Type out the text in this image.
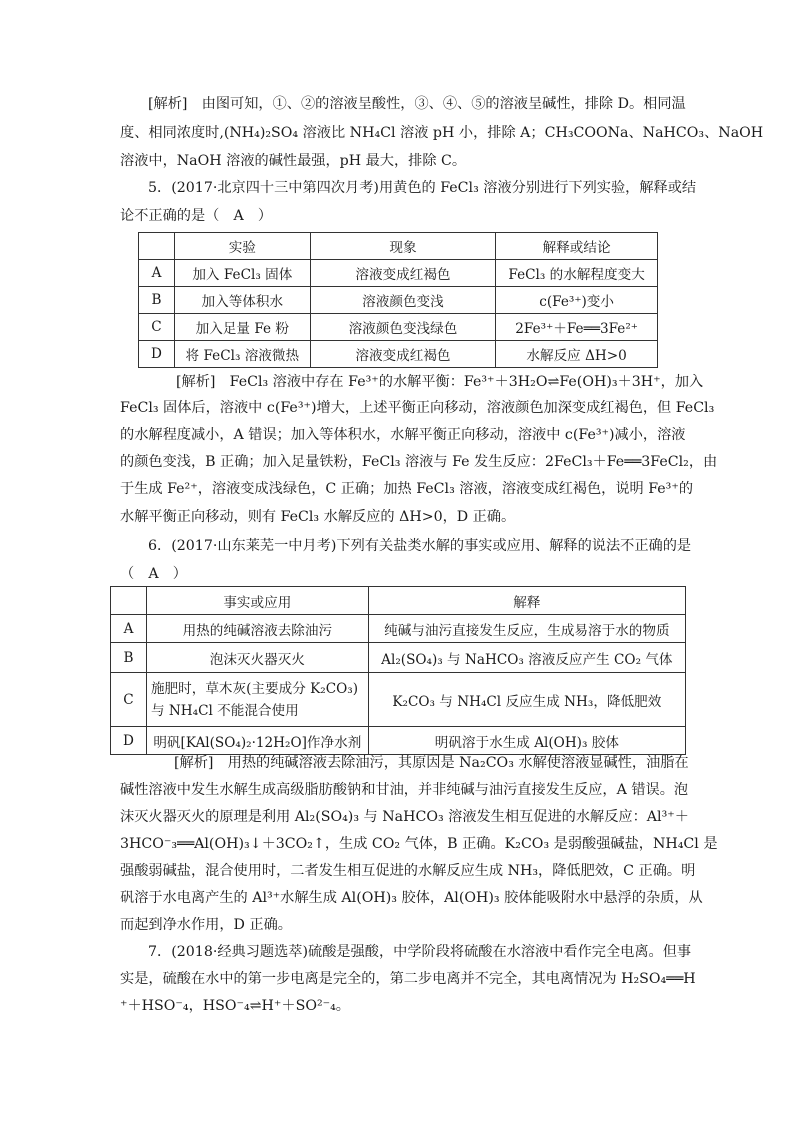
[解析]　由图可知，①、②的溶液呈酸性，③、④、⑤的溶液呈碱性，排除 D。相同温
度、相同浓度时,(NH₄)₂SO₄ 溶液比 NH₄Cl 溶液 pH 小，排除 A；CH₃COONa、NaHCO₃、NaOH
溶液中，NaOH 溶液的碱性最强，pH 最大，排除 C。
5．(2017·北京四十三中第四次月考)用黄色的 FeCl₃ 溶液分别进行下列实验，解释或结
论不正确的是（　A　）
	实验	现象	解释或结论
A	加入 FeCl₃ 固体	溶液变成红褐色	FeCl₃ 的水解程度变大
B	加入等体积水	溶液颜色变浅	c(Fe³⁺)变小
C	加入足量 Fe 粉	溶液颜色变浅绿色	2Fe³⁺＋Fe══3Fe²⁺
D	将 FeCl₃ 溶液微热	溶液变成红褐色	水解反应 ΔH>0
[解析]　FeCl₃ 溶液中存在 Fe³⁺的水解平衡：Fe³⁺＋3H₂O⇌Fe(OH)₃＋3H⁺，加入
FeCl₃ 固体后，溶液中 c(Fe³⁺)增大，上述平衡正向移动，溶液颜色加深变成红褐色，但 FeCl₃
的水解程度减小，A 错误；加入等体积水，水解平衡正向移动，溶液中 c(Fe³⁺)减小，溶液
的颜色变浅，B 正确；加入足量铁粉，FeCl₃ 溶液与 Fe 发生反应：2FeCl₃＋Fe══3FeCl₂，由
于生成 Fe²⁺，溶液变成浅绿色，C 正确；加热 FeCl₃ 溶液，溶液变成红褐色，说明 Fe³⁺的
水解平衡正向移动，则有 FeCl₃ 水解反应的 ΔH>0，D 正确。
6．(2017·山东莱芜一中月考)下列有关盐类水解的事实或应用、解释的说法不正确的是
（　A　）
	事实或应用	解释
A	用热的纯碱溶液去除油污	纯碱与油污直接发生反应，生成易溶于水的物质
B	泡沫灭火器灭火	Al₂(SO₄)₃ 与 NaHCO₃ 溶液反应产生 CO₂ 气体
C	施肥时，草木灰(主要成分 K₂CO₃)
与 NH₄Cl 不能混合使用	K₂CO₃ 与 NH₄Cl 反应生成 NH₃，降低肥效
D	明矾[KAl(SO₄)₂·12H₂O]作净水剂	明矾溶于水生成 Al(OH)₃ 胶体
[解析]　用热的纯碱溶液去除油污，其原因是 Na₂CO₃ 水解使溶液显碱性，油脂在
碱性溶液中发生水解生成高级脂肪酸钠和甘油，并非纯碱与油污直接发生反应，A 错误。泡
沫灭火器灭火的原理是利用 Al₂(SO₄)₃ 与 NaHCO₃ 溶液发生相互促进的水解反应：Al³⁺＋
3HCO⁻₃══Al(OH)₃↓＋3CO₂↑，生成 CO₂ 气体，B 正确。K₂CO₃ 是弱酸强碱盐，NH₄Cl 是
强酸弱碱盐，混合使用时，二者发生相互促进的水解反应生成 NH₃，降低肥效，C 正确。明
矾溶于水电离产生的 Al³⁺水解生成 Al(OH)₃ 胶体，Al(OH)₃ 胶体能吸附水中悬浮的杂质，从
而起到净水作用，D 正确。
7．(2018·经典习题选萃)硫酸是强酸，中学阶段将硫酸在水溶液中看作完全电离。但事
实是，硫酸在水中的第一步电离是完全的，第二步电离并不完全，其电离情况为 H₂SO₄══H
⁺＋HSO⁻₄，HSO⁻₄⇌H⁺＋SO²⁻₄。
